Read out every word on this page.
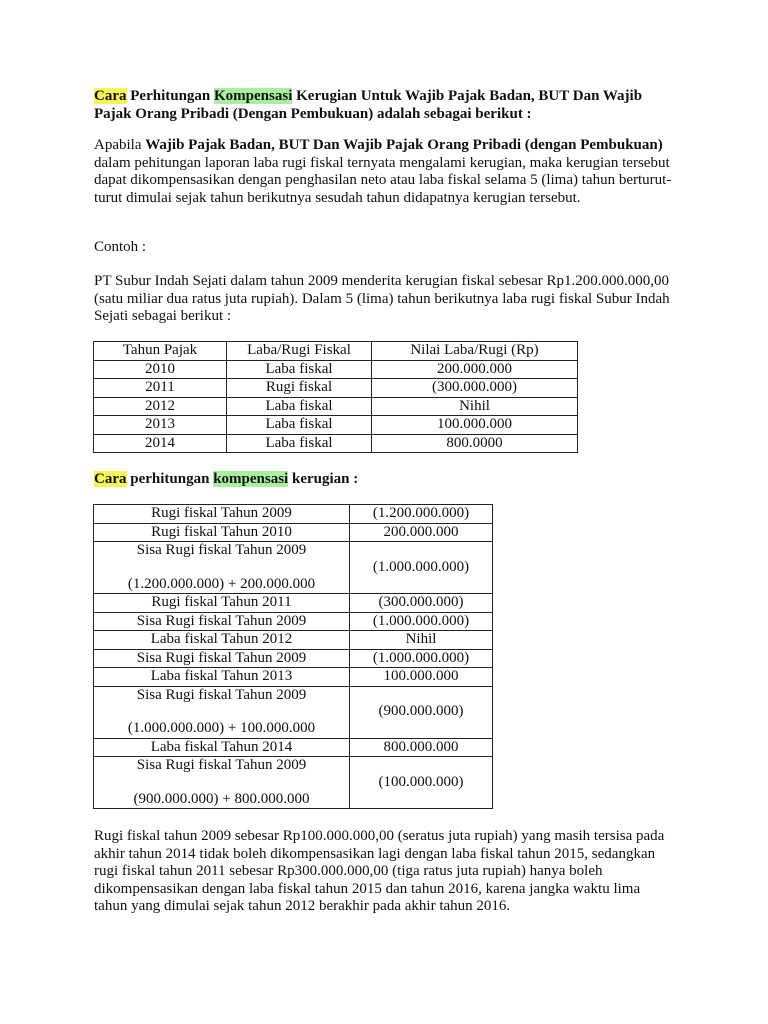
Cara Perhitungan Kompensasi Kerugian Untuk Wajib Pajak Badan, BUT Dan Wajib Pajak Orang Pribadi (Dengan Pembukuan) adalah sebagai berikut :
Apabila Wajib Pajak Badan, BUT Dan Wajib Pajak Orang Pribadi (dengan Pembukuan) dalam pehitungan laporan laba rugi fiskal ternyata mengalami kerugian, maka kerugian tersebut dapat dikompensasikan dengan penghasilan neto atau laba fiskal selama 5 (lima) tahun berturut-turut dimulai sejak tahun berikutnya sesudah tahun didapatnya kerugian tersebut.
Contoh :
PT Subur Indah Sejati dalam tahun 2009 menderita kerugian fiskal sebesar Rp1.200.000.000,00 (satu miliar dua ratus juta rupiah). Dalam 5 (lima) tahun berikutnya laba rugi fiskal Subur Indah Sejati sebagai berikut :
Tahun Pajak	Laba/Rugi Fiskal	Nilai Laba/Rugi (Rp)
2010	Laba fiskal	200.000.000
2011	Rugi fiskal	(300.000.000)
2012	Laba fiskal	Nihil
2013	Laba fiskal	100.000.000
2014	Laba fiskal	800.0000
Cara perhitungan kompensasi kerugian :
Rugi fiskal Tahun 2009	(1.200.000.000)
Rugi fiskal Tahun 2010	200.000.000

Sisa Rugi fiskal Tahun 2009
(1.200.000.000) + 200.000.000	(1.000.000.000)
Rugi fiskal Tahun 2011	(300.000.000)
Sisa Rugi fiskal Tahun 2009	(1.000.000.000)
Laba fiskal Tahun 2012	Nihil
Sisa Rugi fiskal Tahun 2009	(1.000.000.000)
Laba fiskal Tahun 2013	100.000.000

Sisa Rugi fiskal Tahun 2009
(1.000.000.000) + 100.000.000	(900.000.000)
Laba fiskal Tahun 2014	800.000.000

Sisa Rugi fiskal Tahun 2009
(900.000.000) + 800.000.000	(100.000.000)
Rugi fiskal tahun 2009 sebesar Rp100.000.000,00 (seratus juta rupiah) yang masih tersisa pada akhir tahun 2014 tidak boleh dikompensasikan lagi dengan laba fiskal tahun 2015, sedangkan rugi fiskal tahun 2011 sebesar Rp300.000.000,00 (tiga ratus juta rupiah) hanya boleh dikompensasikan dengan laba fiskal tahun 2015 dan tahun 2016, karena jangka waktu lima tahun yang dimulai sejak tahun 2012 berakhir pada akhir tahun 2016.
